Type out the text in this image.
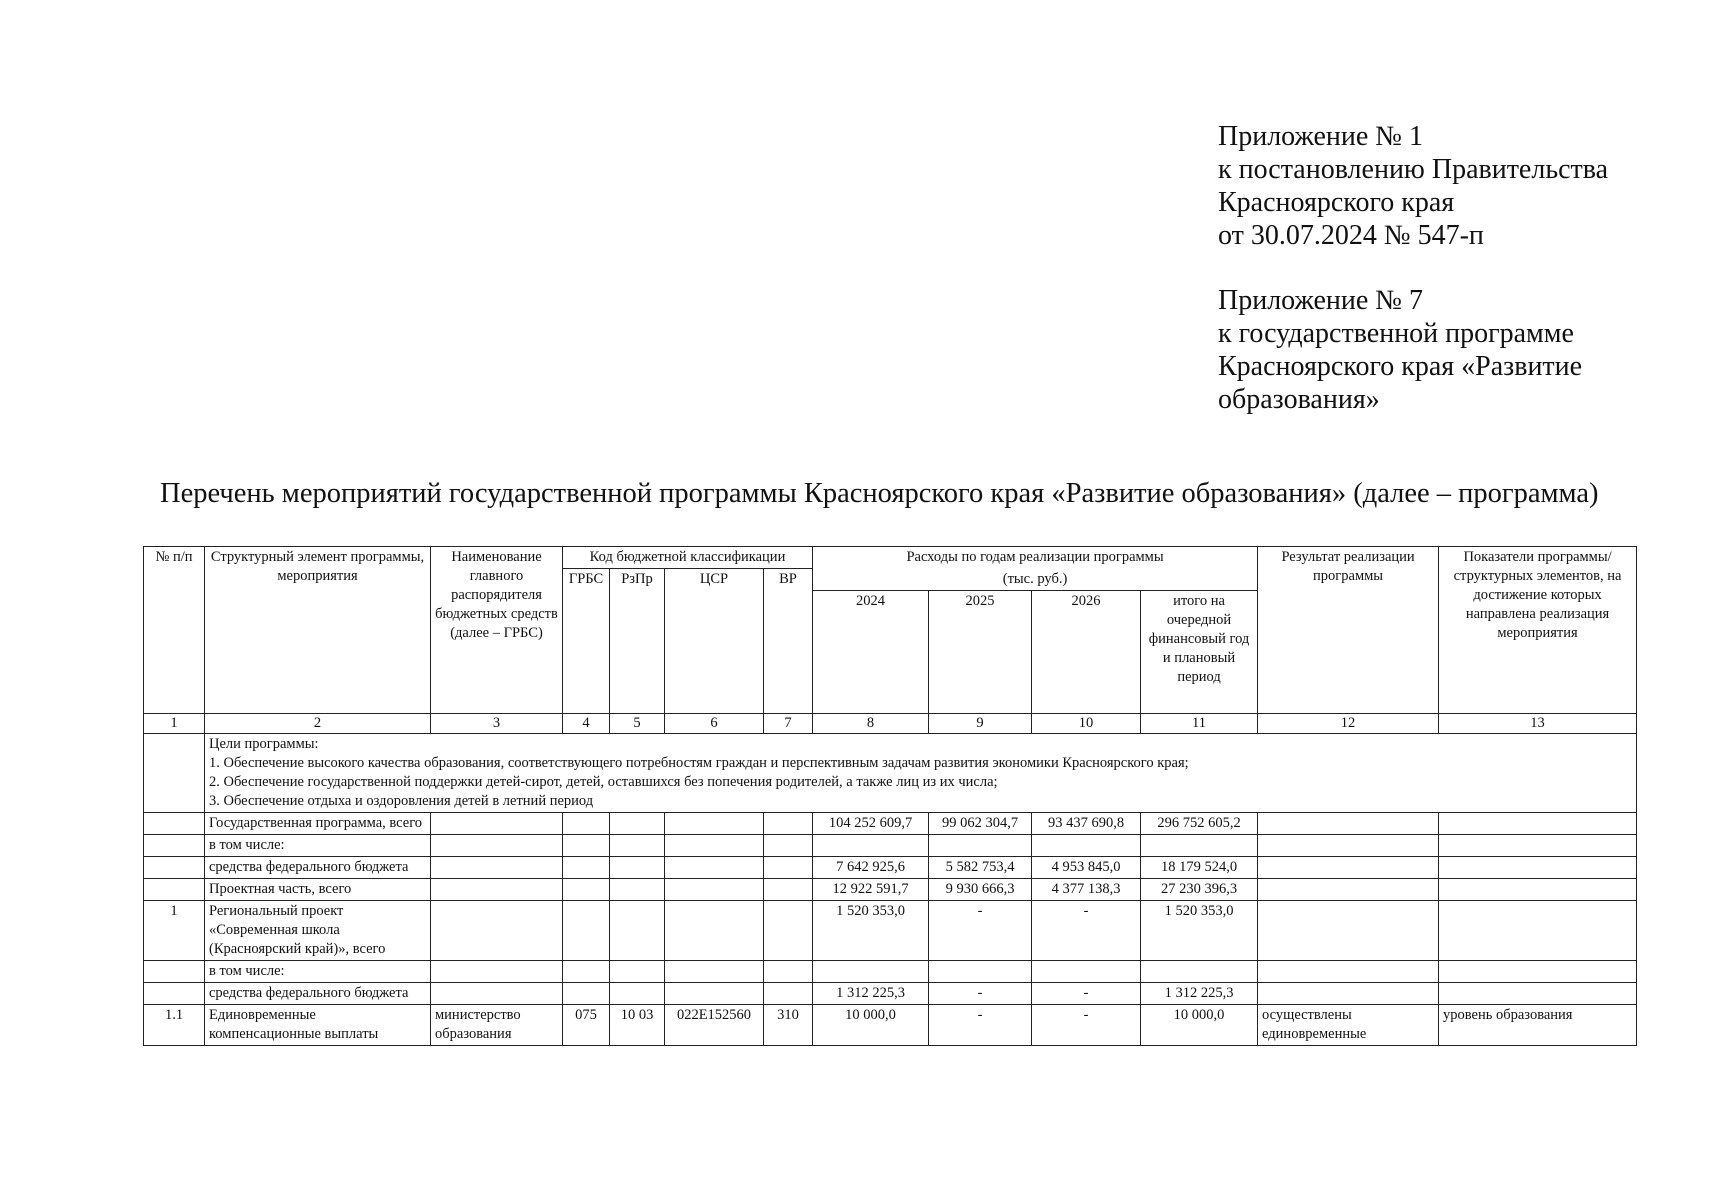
Приложение № 1
к постановлению Правительства
Красноярского края
от 30.07.2024 № 547-п
Приложение № 7
к государственной программе
Красноярского края «Развитие
образования»
Перечень мероприятий государственной программы Красноярского края «Развитие образования» (далее – программа)
№ п/п	Структурный элемент программы, мероприятия	Наименование главного распорядителя бюджетных средств (далее – ГРБС)	Код бюджетной классификации				Расходы по годам реализации программы				Результат реализации программы	Показатели программы/ структурных элементов, на достижение которых направлена реализация мероприятия
			ГРБС	РзПр	ЦСР	ВР	(тыс. руб.)					
							2024	2025	2026	итого на очередной финансовый год и плановый период		
1	2	3	4	5	6	7	8	9	10	11	12	13

	Цели программы:
1. Обеспечение высокого качества образования, соответствующего потребностям граждан и перспективным задачам развития экономики Красноярского края;
2. Обеспечение государственной поддержки детей-сирот, детей, оставшихся без попечения родителей, а также лиц из их числа;
3. Обеспечение отдыха и оздоровления детей в летний период											

	Государственная программа, всего						104 252 609,7	99 062 304,7	93 437 690,8	296 752 605,2		
	в том числе:											
	средства федерального бюджета						7 642 925,6	5 582 753,4	4 953 845,0	18 179 524,0		
	Проектная часть, всего						12 922 591,7	9 930 666,3	4 377 138,3	27 230 396,3		
1	Региональный проект «Современная школа (Красноярский край)», всего						1 520 353,0	-	-	1 520 353,0		
	в том числе:											
	средства федерального бюджета						1 312 225,3	-	-	1 312 225,3		
1.1	Единовременные компенсационные выплаты	министерство образования	075	10 03	022Е152560	310	10 000,0	-	-	10 000,0	осуществлены единовременные	уровень образования
